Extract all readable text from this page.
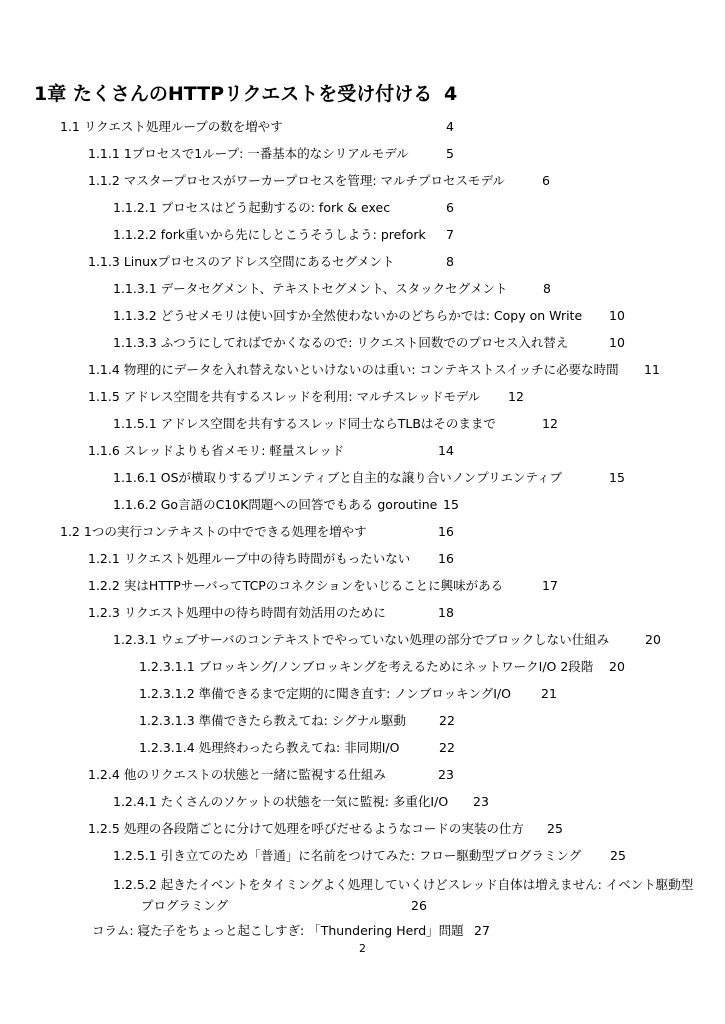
1章 たくさんのHTTPリクエストを受け付ける 4
1.1 リクエスト処理ループの数を増やす	4
1.1.1 1プロセスで1ループ: 一番基本的なシリアルモデル	5
1.1.2 マスタープロセスがワーカープロセスを管理: マルチプロセスモデル	6
1.1.2.1 プロセスはどう起動するの: fork & exec	6
1.1.2.2 fork重いから先にしとこうそうしよう: prefork 7
1.1.3 Linuxプロセスのアドレス空間にあるセグメント	8
1.1.3.1 データセグメント、テキストセグメント、スタックセグメント	8
1.1.3.2 どうせメモリは使い回すか全然使わないかのどちらかでは: Copy on Write 10
1.1.3.3 ふつうにしてればでかくなるので: リクエスト回数でのプロセス入れ替え	10
1.1.4 物理的にデータを入れ替えないといけないのは重い: コンテキストスイッチに必要な時間 11
1.1.5 アドレス空間を共有するスレッドを利用: マルチスレッドモデル 12
1.1.5.1 アドレス空間を共有するスレッド同士ならTLBはそのままで	12
1.1.6 スレッドよりも省メモリ: 軽量スレッド	14
1.1.6.1 OSが横取りするプリエンティブと自主的な譲り合いノンプリエンティブ	15
1.1.6.2 Go言語のC10K問題への回答でもある goroutine 15
1.2 1つの実行コンテキストの中でできる処理を増やす	16
1.2.1 リクエスト処理ループ中の待ち時間がもったいない 16
1.2.2 実はHTTPサーバってTCPのコネクションをいじることに興味がある	17
1.2.3 リクエスト処理中の待ち時間有効活用のために	18
1.2.3.1 ウェブサーバのコンテキストでやっていない処理の部分でブロックしない仕組み	20
1.2.3.1.1 ブロッキング/ノンブロッキングを考えるためにネットワークI/O 2段階 20
1.2.3.1.2 準備できるまで定期的に聞き直す: ノンブロッキングI/O 21
1.2.3.1.3 準備できたら教えてね: シグナル駆動	22
1.2.3.1.4 処理終わったら教えてね: 非同期I/O	22
1.2.4 他のリクエストの状態と一緒に監視する仕組み	23
1.2.4.1 たくさんのソケットの状態を一気に監視: 多重化I/O 23
1.2.5 処理の各段階ごとに分けて処理を呼びだせるようなコードの実装の仕方 25
1.2.5.1 引き立てのため「普通」に名前をつけてみた: フロー駆動型プログラミング 25
1.2.5.2 起きたイベントをタイミングよく処理していくけどスレッド自体は増えません: イベント駆動型プログラミング	26
コラム: 寝た子をちょっと起こしすぎ: 「Thundering Herd」問題 27
2
